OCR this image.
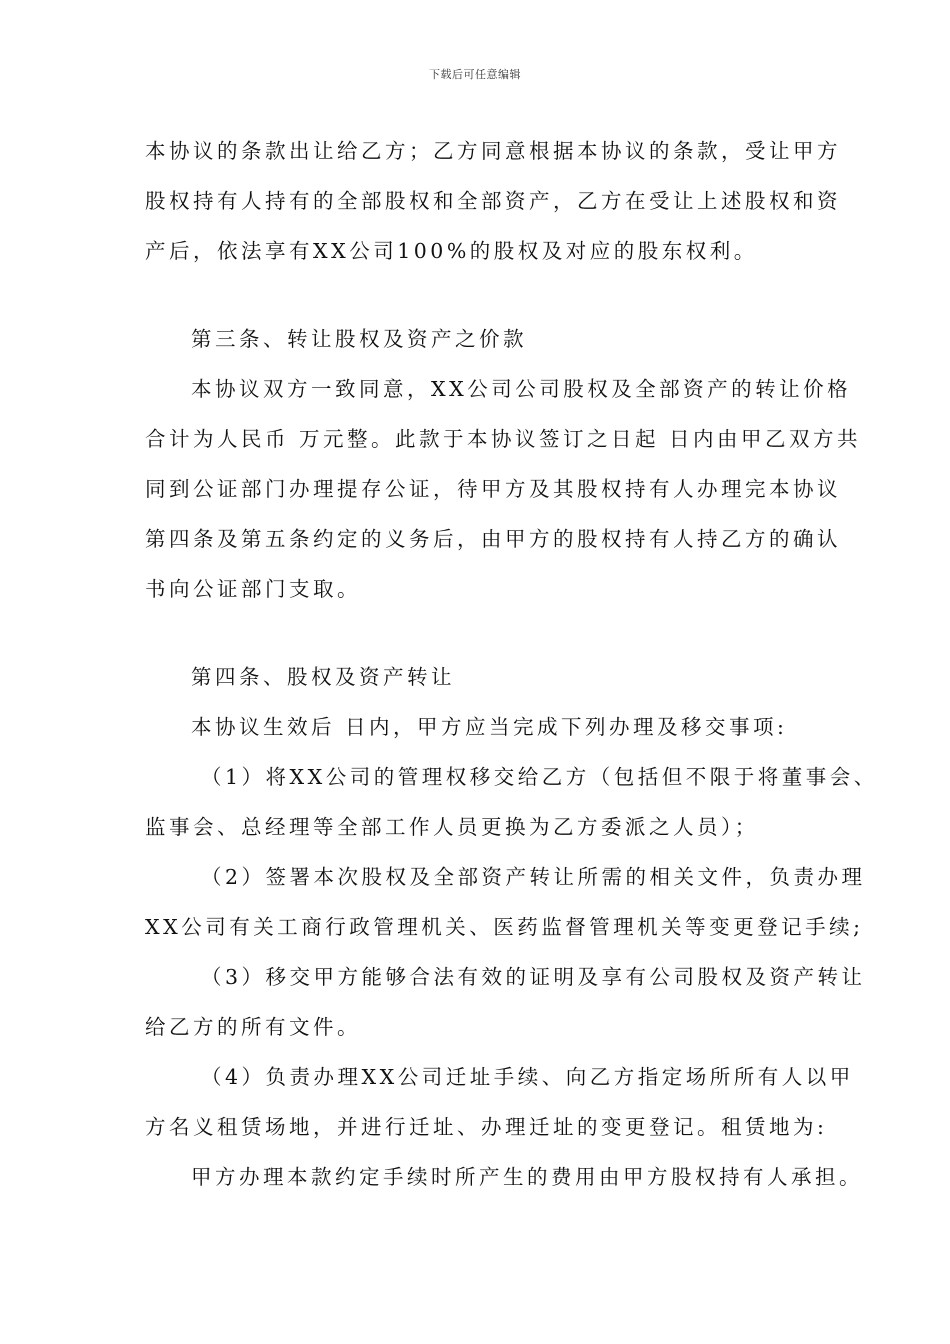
下载后可任意编辑
本协议的条款出让给乙方；乙方同意根据本协议的条款，受让甲方
股权持有人持有的全部股权和全部资产，乙方在受让上述股权和资
产后，依法享有XX公司100%的股权及对应的股东权利。
第三条、转让股权及资产之价款
本协议双方一致同意，XX公司公司股权及全部资产的转让价格
合计为人民币 万元整。此款于本协议签订之日起 日内由甲乙双方共
同到公证部门办理提存公证，待甲方及其股权持有人办理完本协议
第四条及第五条约定的义务后，由甲方的股权持有人持乙方的确认
书向公证部门支取。
第四条、股权及资产转让
本协议生效后 日内，甲方应当完成下列办理及移交事项:
（1）将XX公司的管理权移交给乙方（包括但不限于将董事会、
监事会、总经理等全部工作人员更换为乙方委派之人员）；
（2）签署本次股权及全部资产转让所需的相关文件，负责办理
XX公司有关工商行政管理机关、医药监督管理机关等变更登记手续;
（3）移交甲方能够合法有效的证明及享有公司股权及资产转让
给乙方的所有文件。
（4）负责办理XX公司迁址手续、向乙方指定场所所有人以甲
方名义租赁场地，并进行迁址、办理迁址的变更登记。租赁地为:
甲方办理本款约定手续时所产生的费用由甲方股权持有人承担。
